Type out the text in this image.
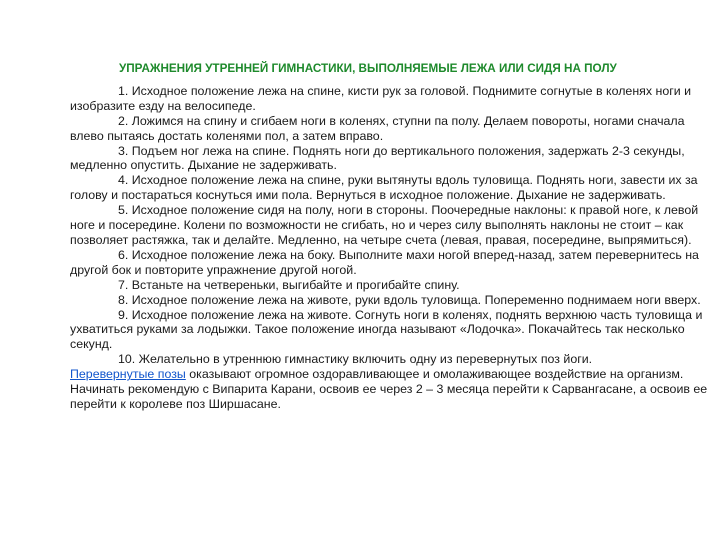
УПРАЖНЕНИЯ УТРЕННЕЙ ГИМНАСТИКИ, ВЫПОЛНЯЕМЫЕ ЛЕЖА ИЛИ СИДЯ НА ПОЛУ

1. Исходное положение лежа на спине, кисти рук за головой. Поднимите согнутые в коленях ноги и изобразите езду на велосипеде.

2. Ложимся на спину и сгибаем ноги в коленях, ступни па полу. Делаем повороты, ногами сначала влево пытаясь достать коленями пол, а затем вправо.

3. Подъем ног лежа на спине. Поднять ноги до вертикального положения, задержать 2-3 секунды, медленно опустить. Дыхание не задерживать.

4. Исходное положение лежа на спине, руки вытянуты вдоль туловища. Поднять ноги, завести их за голову и постараться коснуться ими пола. Вернуться в исходное положение. Дыхание не задерживать.

5. Исходное положение сидя на полу, ноги в стороны. Поочередные наклоны: к правой ноге, к левой ноге и посередине. Колени по возможности не сгибать, но и через силу выполнять наклоны не стоит – как позволяет растяжка, так и делайте. Медленно, на четыре счета (левая, правая, посередине, выпрямиться).

6. Исходное положение лежа на боку. Выполните махи ногой вперед-назад, затем перевернитесь на другой бок и повторите упражнение другой ногой.

7. Встаньте на четвереньки, выгибайте и прогибайте спину.

8. Исходное положение лежа на животе, руки вдоль туловища. Попеременно поднимаем ноги вверх.

9. Исходное положение лежа на животе. Согнуть ноги в коленях, поднять верхнюю часть туловища и ухватиться руками за лодыжки. Такое положение иногда называют «Лодочка». Покачайтесь так несколько секунд.

10. Желательно в утреннюю гимнастику включить одну из перевернутых поз йоги.

Перевернутые позы оказывают огромное оздоравливающее и омолаживающее воздействие на организм. Начинать рекомендую с Випарита Карани, освоив ее через 2 – 3 месяца перейти к Сарвангасане, а освоив ее перейти к королеве поз Ширшасане.
